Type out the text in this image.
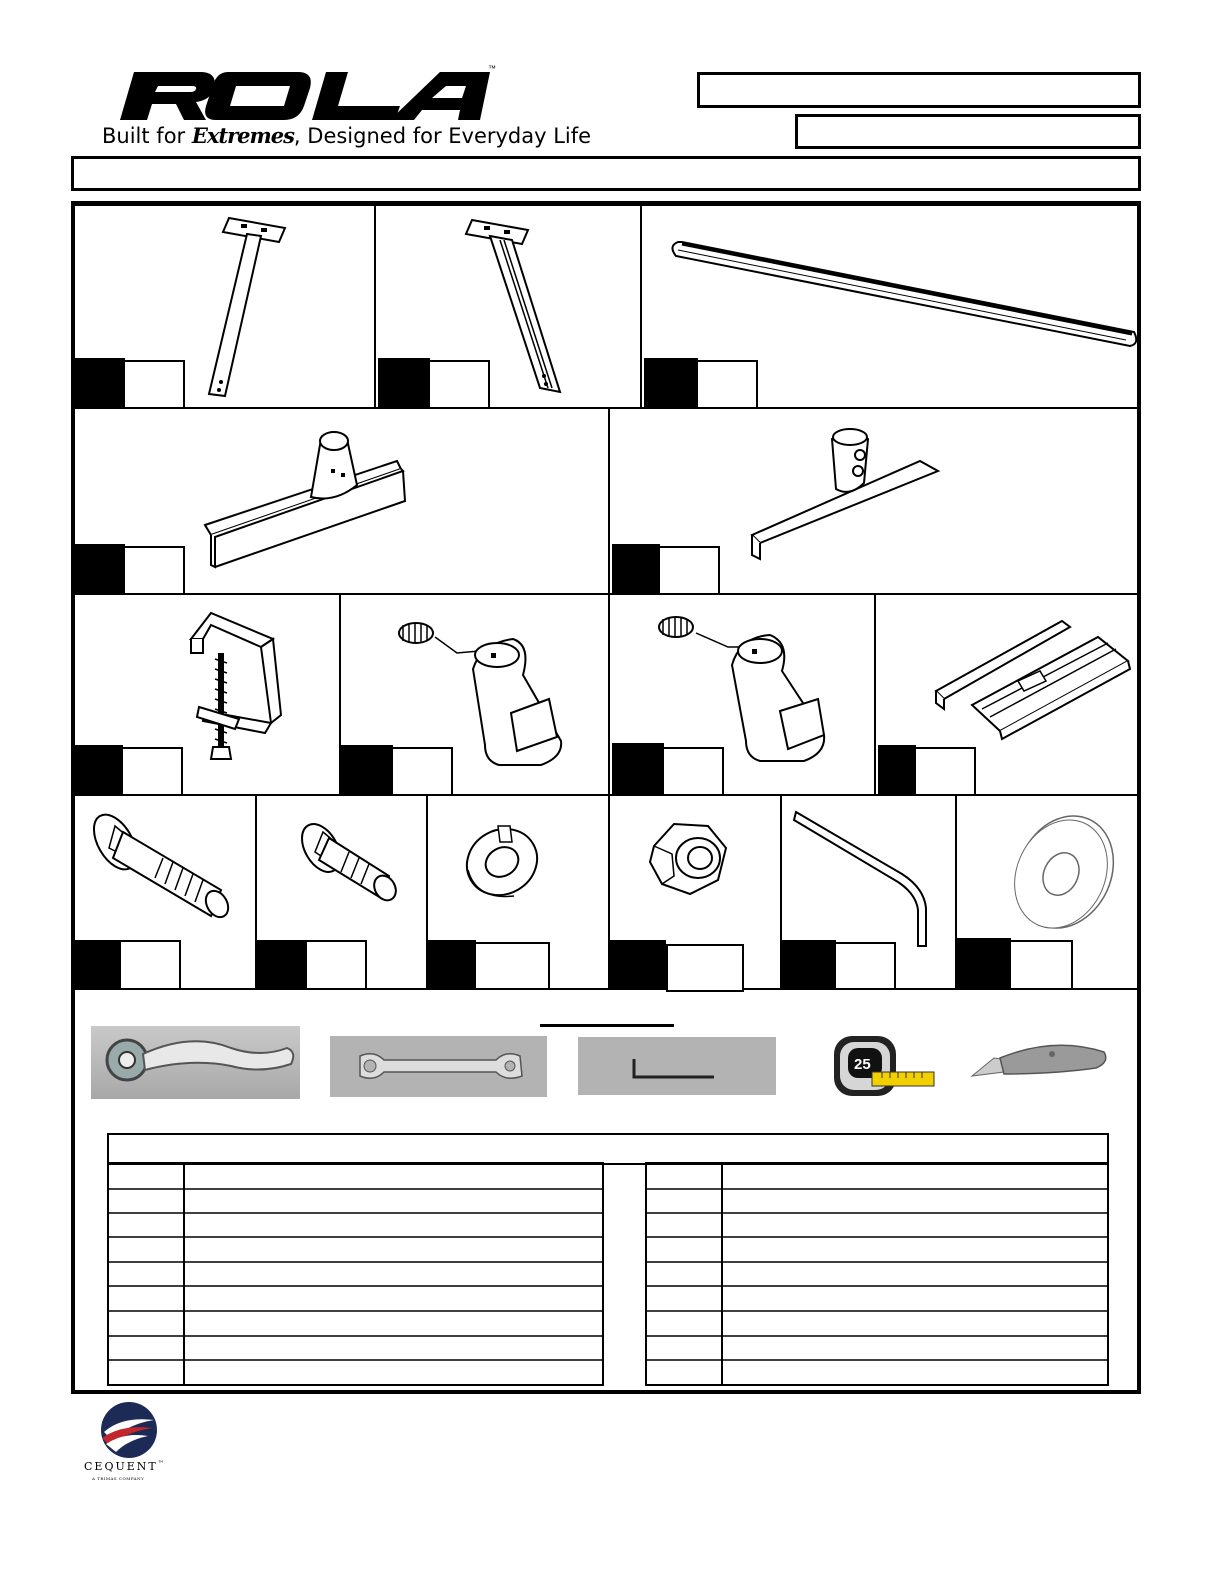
™
Built for Extremes, Designed for Everyday Life
25
CEQUENT™
A TRIMAS COMPANY
